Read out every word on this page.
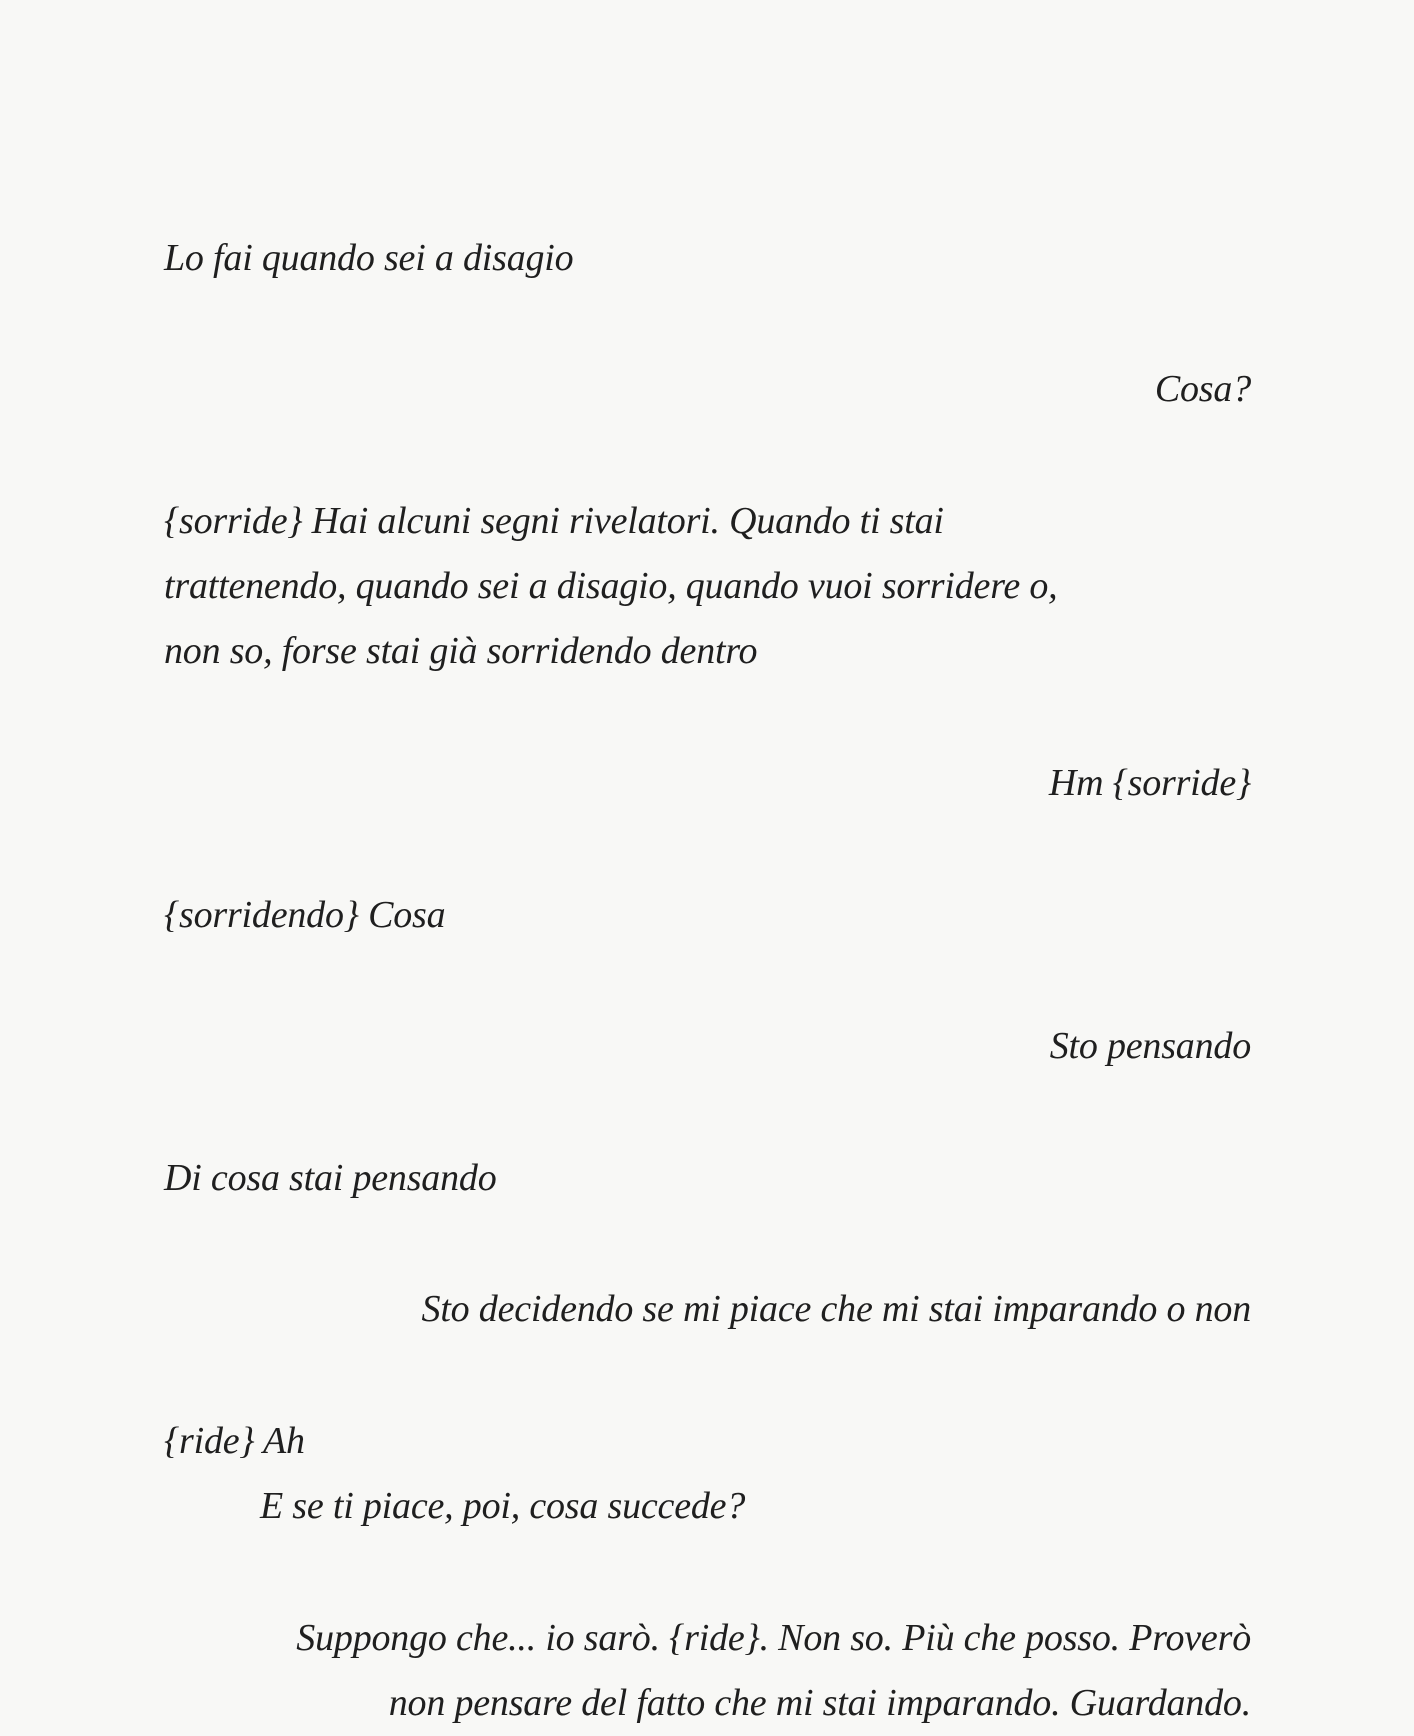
Lo fai quando sei a disagio

Cosa?

{sorride} Hai alcuni segni rivelatori. Quando ti stai

trattenendo, quando sei a disagio, quando vuoi sorridere o,

non so, forse stai già sorridendo dentro

Hm {sorride}

{sorridendo} Cosa

Sto pensando

Di cosa stai pensando

Sto decidendo se mi piace che mi stai imparando o non

{ride} Ah

E se ti piace, poi, cosa succede?

Suppongo che... io sarò. {ride}. Non so. Più che posso. Proverò

non pensare del fatto che mi stai imparando. Guardando.
